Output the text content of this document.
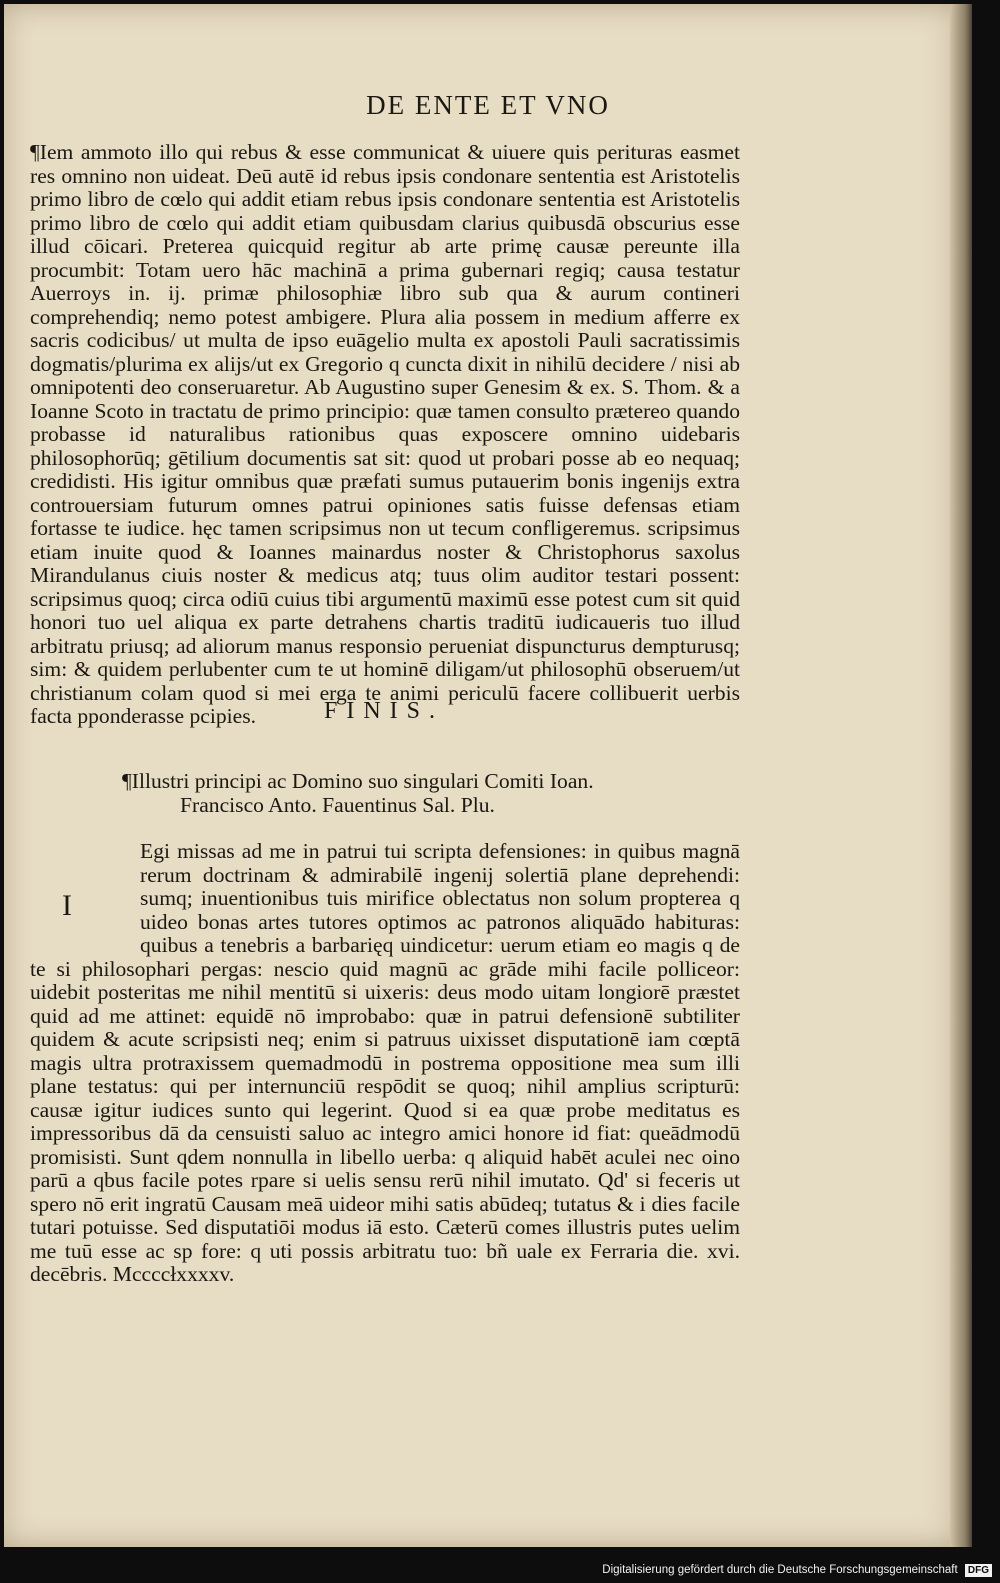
DE ENTE ET VNO
¶Iem ammoto illo qui rebus & esse communicat & uiuere quis perituras easmet res omnino non uideat. Deū autē id rebus ipsis condonare sententia est Aristotelis primo libro de cœlo qui addit etiam rebus ipsis condonare sententia est Aristotelis primo libro de cœlo qui addit etiam quibusdam clarius quibusdā obscurius esse illud cōicari. Preterea quicquid regitur ab arte primę causæ pereunte illa procumbit: Totam uero hāc machinā a prima gubernari regiq; causa testatur Auerroys in. ij. primæ philosophiæ libro sub qua & aurum contineri comprehendiq; nemo potest ambigere. Plura alia possem in medium afferre ex sacris codicibus/ ut multa de ipso euāgelio multa ex apostoli Pauli sacratissimis dogmatis/plurima ex alijs/ut ex Gregorio q cuncta dixit in nihilū decidere / nisi ab omnipotenti deo conseruaretur. Ab Augustino super Genesim & ex. S. Thom. & a Ioanne Scoto in tractatu de primo principio: quæ tamen consulto prætereo quando probasse id naturalibus rationibus quas exposcere omnino uidebaris philosophorūq; gētilium documentis sat sit: quod ut probari posse ab eo nequaq; credidisti. His igitur omnibus quæ præfati sumus putauerim bonis ingenijs extra controuersiam futurum omnes patrui opiniones satis fuisse defensas etiam fortasse te iudice. hęc tamen scripsimus non ut tecum confligeremus. scripsimus etiam inuite quod & Ioannes mainardus noster & Christophorus saxolus Mirandulanus ciuis noster & medicus atq; tuus olim auditor testari possent: scripsimus quoq; circa odiū cuius tibi argumentū maximū esse potest cum sit quid honori tuo uel aliqua ex parte detrahens chartis traditū iudicaueris tuo illud arbitratu priusq; ad aliorum manus responsio perueniat dispuncturus dempturusq; sim: & quidem perlubenter cum te ut hominē diligam/ut philosophū obseruem/ut christianum colam quod si mei erga te animi periculū facere collibuerit uerbis facta pponderasse pcipies.	FINIS.
¶Illustri principi ac Domino suo singulari Comiti Ioan.
Francisco Anto. Fauentinus Sal. Plu.
I
Egi missas ad me in patrui tui scripta defensiones: in quibus magnā rerum doctrinam & admirabilē ingenij solertiā plane deprehendi: sumq; inuentionibus tuis mirifice oblectatus non solum propterea q uideo bonas artes tutores optimos ac patronos aliquādo habituras: quibus a tenebris a barbarięq uindicetur: uerum etiam eo magis q de te si philosophari pergas: nescio quid magnū ac grāde mihi facile polliceor: uidebit posteritas me nihil mentitū si uixeris: deus modo uitam longiorē præstet quid ad me attinet: equidē nō improbabo: quæ in patrui defensionē subtiliter quidem & acute scripsisti neq; enim si patruus uixisset disputationē iam cœptā magis ultra protraxissem quemadmodū in postrema oppositione mea sum illi plane testatus: qui per internunciū respōdit se quoq; nihil amplius scripturū: causæ igitur iudices sunto qui legerint. Quod si ea quæ probe meditatus es impressoribus dā da censuisti saluo ac integro amici honore id fiat: queādmodū promisisti. Sunt qdem nonnulla in libello uerba: q aliquid habēt aculei nec oino parū a qbus facile potes rpare si uelis sensu rerū nihil imutato. Qd' si feceris ut spero nō erit ingratū Causam meā uideor mihi satis abūdeq; tutatus & i dies facile tutari potuisse. Sed disputatiōi modus iā esto. Cæterū comes illustris putes uelim me tuū esse ac sp fore: q uti possis arbitratu tuo: bñ uale ex Ferraria die. xvi. decēbris. Mccccłxxxxv.
Digitalisierung gefördert durch die Deutsche Forschungsgemeinschaft DFG
